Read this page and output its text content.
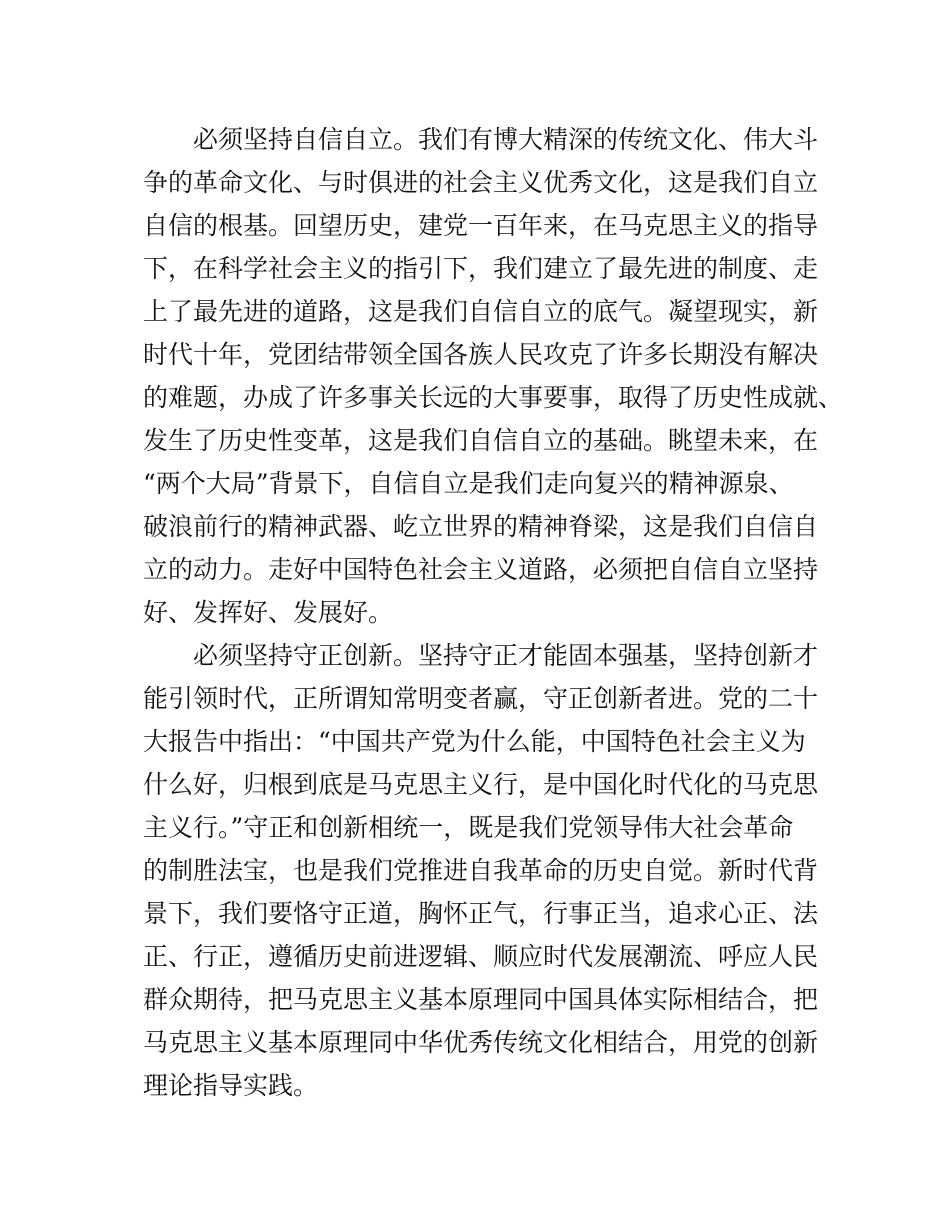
必须坚持自信自立。我们有博大精深的传统文化、伟大斗
争的革命文化、与时俱进的社会主义优秀文化，这是我们自立
自信的根基。回望历史，建党一百年来，在马克思主义的指导
下，在科学社会主义的指引下，我们建立了最先进的制度、走
上了最先进的道路，这是我们自信自立的底气。凝望现实，新
时代十年，党团结带领全国各族人民攻克了许多长期没有解决
的难题，办成了许多事关长远的大事要事，取得了历史性成就、
发生了历史性变革，这是我们自信自立的基础。眺望未来，在
“两个大局”背景下，自信自立是我们走向复兴的精神源泉、
破浪前行的精神武器、屹立世界的精神脊梁，这是我们自信自
立的动力。走好中国特色社会主义道路，必须把自信自立坚持
好、发挥好、发展好。
必须坚持守正创新。坚持守正才能固本强基，坚持创新才
能引领时代，正所谓知常明变者赢，守正创新者进。党的二十
大报告中指出：“中国共产党为什么能，中国特色社会主义为
什么好，归根到底是马克思主义行，是中国化时代化的马克思
主义行。”守正和创新相统一，既是我们党领导伟大社会革命
的制胜法宝，也是我们党推进自我革命的历史自觉。新时代背
景下，我们要恪守正道，胸怀正气，行事正当，追求心正、法
正、行正，遵循历史前进逻辑、顺应时代发展潮流、呼应人民
群众期待，把马克思主义基本原理同中国具体实际相结合，把
马克思主义基本原理同中华优秀传统文化相结合，用党的创新
理论指导实践。
